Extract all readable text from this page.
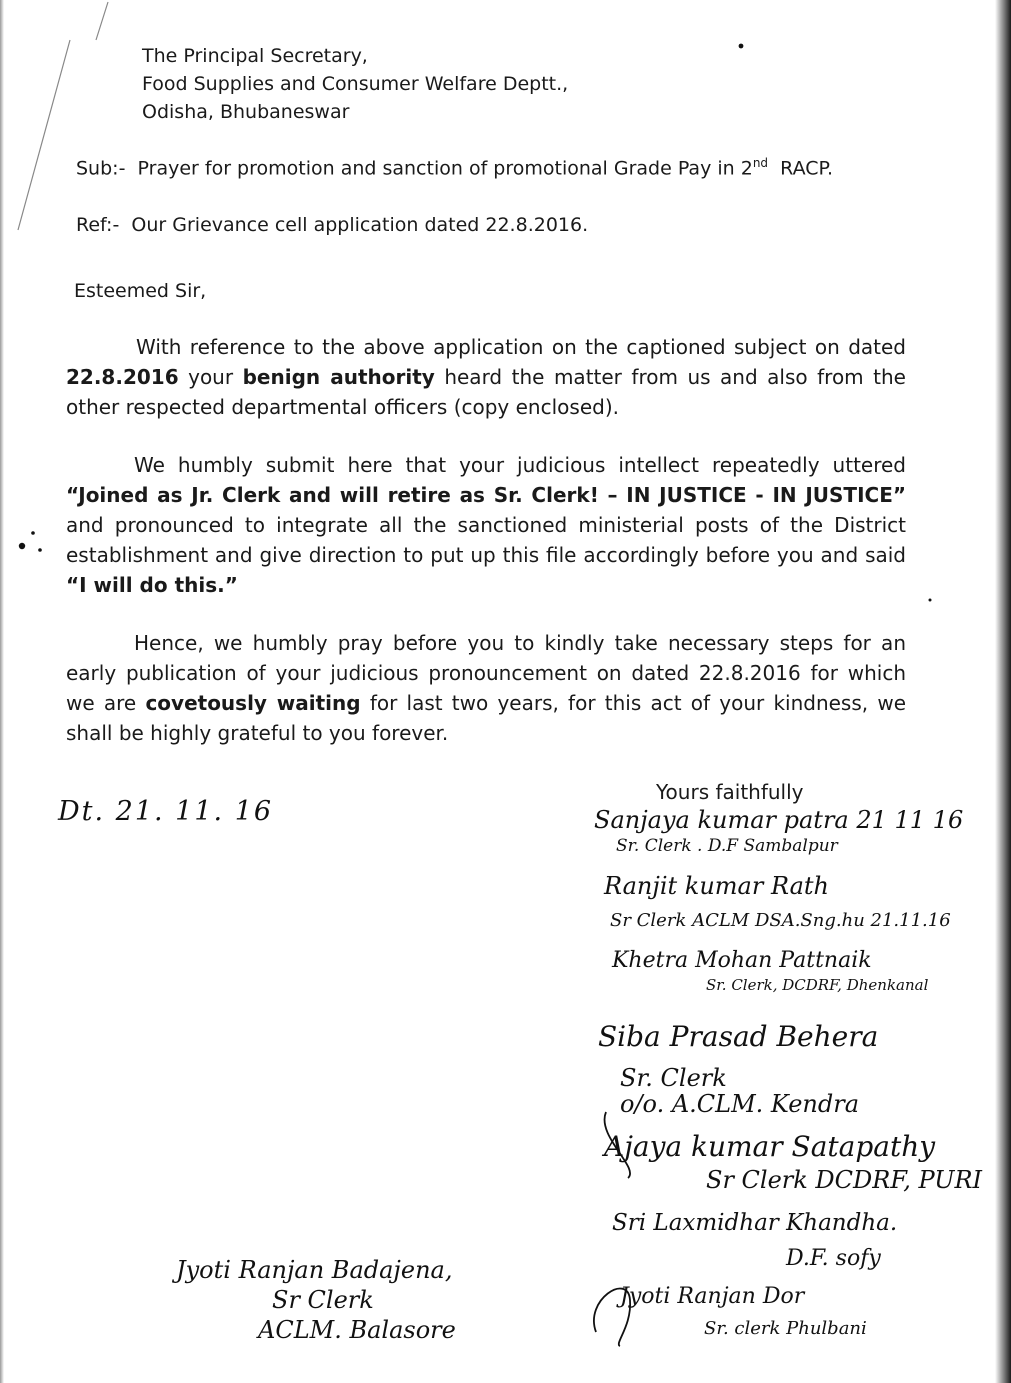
The Principal Secretary,
Food Supplies and Consumer Welfare Deptt.,
Odisha, Bhubaneswar
Sub:- Prayer for promotion and sanction of promotional Grade Pay in 2nd RACP.
Ref:- Our Grievance cell application dated 22.8.2016.
Esteemed Sir,
With reference to the above application on the captioned subject on dated 22.8.2016 your benign authority heard the matter from us and also from the other respected departmental officers (copy enclosed).
We humbly submit here that your judicious intellect repeatedly uttered “Joined as Jr. Clerk and will retire as Sr. Clerk! – IN JUSTICE - IN JUSTICE” and pronounced to integrate all the sanctioned ministerial posts of the District establishment and give direction to put up this file accordingly before you and said “I will do this.”
Hence, we humbly pray before you to kindly take necessary steps for an early publication of your judicious pronouncement on dated 22.8.2016 for which we are covetously waiting for last two years, for this act of your kindness, we shall be highly grateful to you forever.
Yours faithfully
Dt. 21. 11. 16	Sanjaya kumar patra 21 11 16
Sr. Clerk . D.F Sambalpur
Ranjit kumar Rath
Sr Clerk ACLM DSA.Sng.hu 21.11.16
Khetra Mohan Pattnaik
Sr. Clerk, DCDRF, Dhenkanal
Siba Prasad Behera
Sr. Clerk
o/o. A.CLM. Kendra
Ajaya kumar Satapathy
Sr Clerk DCDRF, PURI
Sri Laxmidhar Khandha.
D.F. sofy
Jyoti Ranjan Dor
Sr. clerk Phulbani
Jyoti Ranjan Badajena,
Sr Clerk
ACLM. Balasore
